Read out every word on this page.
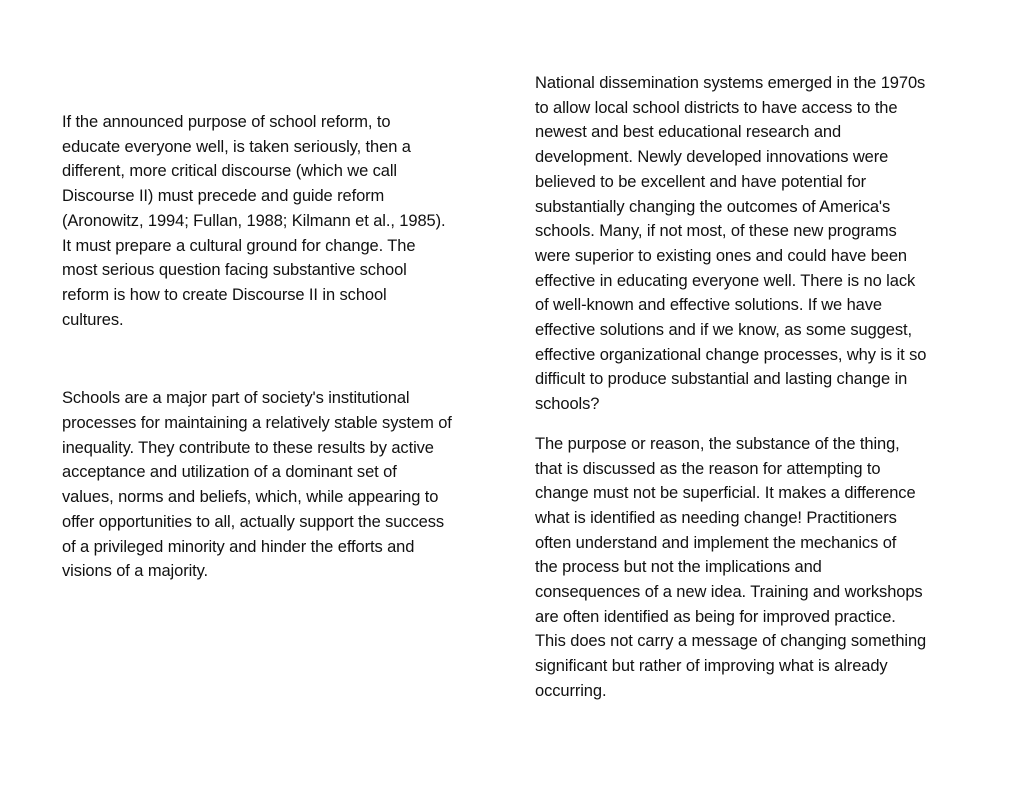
If the announced purpose of school reform, to
educate everyone well, is taken seriously, then a
different, more critical discourse (which we call
Discourse II) must precede and guide reform
(Aronowitz, 1994; Fullan, 1988; Kilmann et al., 1985).
It must prepare a cultural ground for change. The
most serious question facing substantive school
reform is how to create Discourse II in school
cultures.

Schools are a major part of society's institutional
processes for maintaining a relatively stable system of
inequality. They contribute to these results by active
acceptance and utilization of a dominant set of
values, norms and beliefs, which, while appearing to
offer opportunities to all, actually support the success
of a privileged minority and hinder the efforts and
visions of a majority.

National dissemination systems emerged in the 1970s
to allow local school districts to have access to the
newest and best educational research and
development. Newly developed innovations were
believed to be excellent and have potential for
substantially changing the outcomes of America's
schools. Many, if not most, of these new programs
were superior to existing ones and could have been
effective in educating everyone well. There is no lack
of well-known and effective solutions. If we have
effective solutions and if we know, as some suggest,
effective organizational change processes, why is it so
difficult to produce substantial and lasting change in
schools?

The purpose or reason, the substance of the thing,
that is discussed as the reason for attempting to
change must not be superficial. It makes a difference
what is identified as needing change! Practitioners
often understand and implement the mechanics of
the process but not the implications and
consequences of a new idea. Training and workshops
are often identified as being for improved practice.
This does not carry a message of changing something
significant but rather of improving what is already
occurring.
